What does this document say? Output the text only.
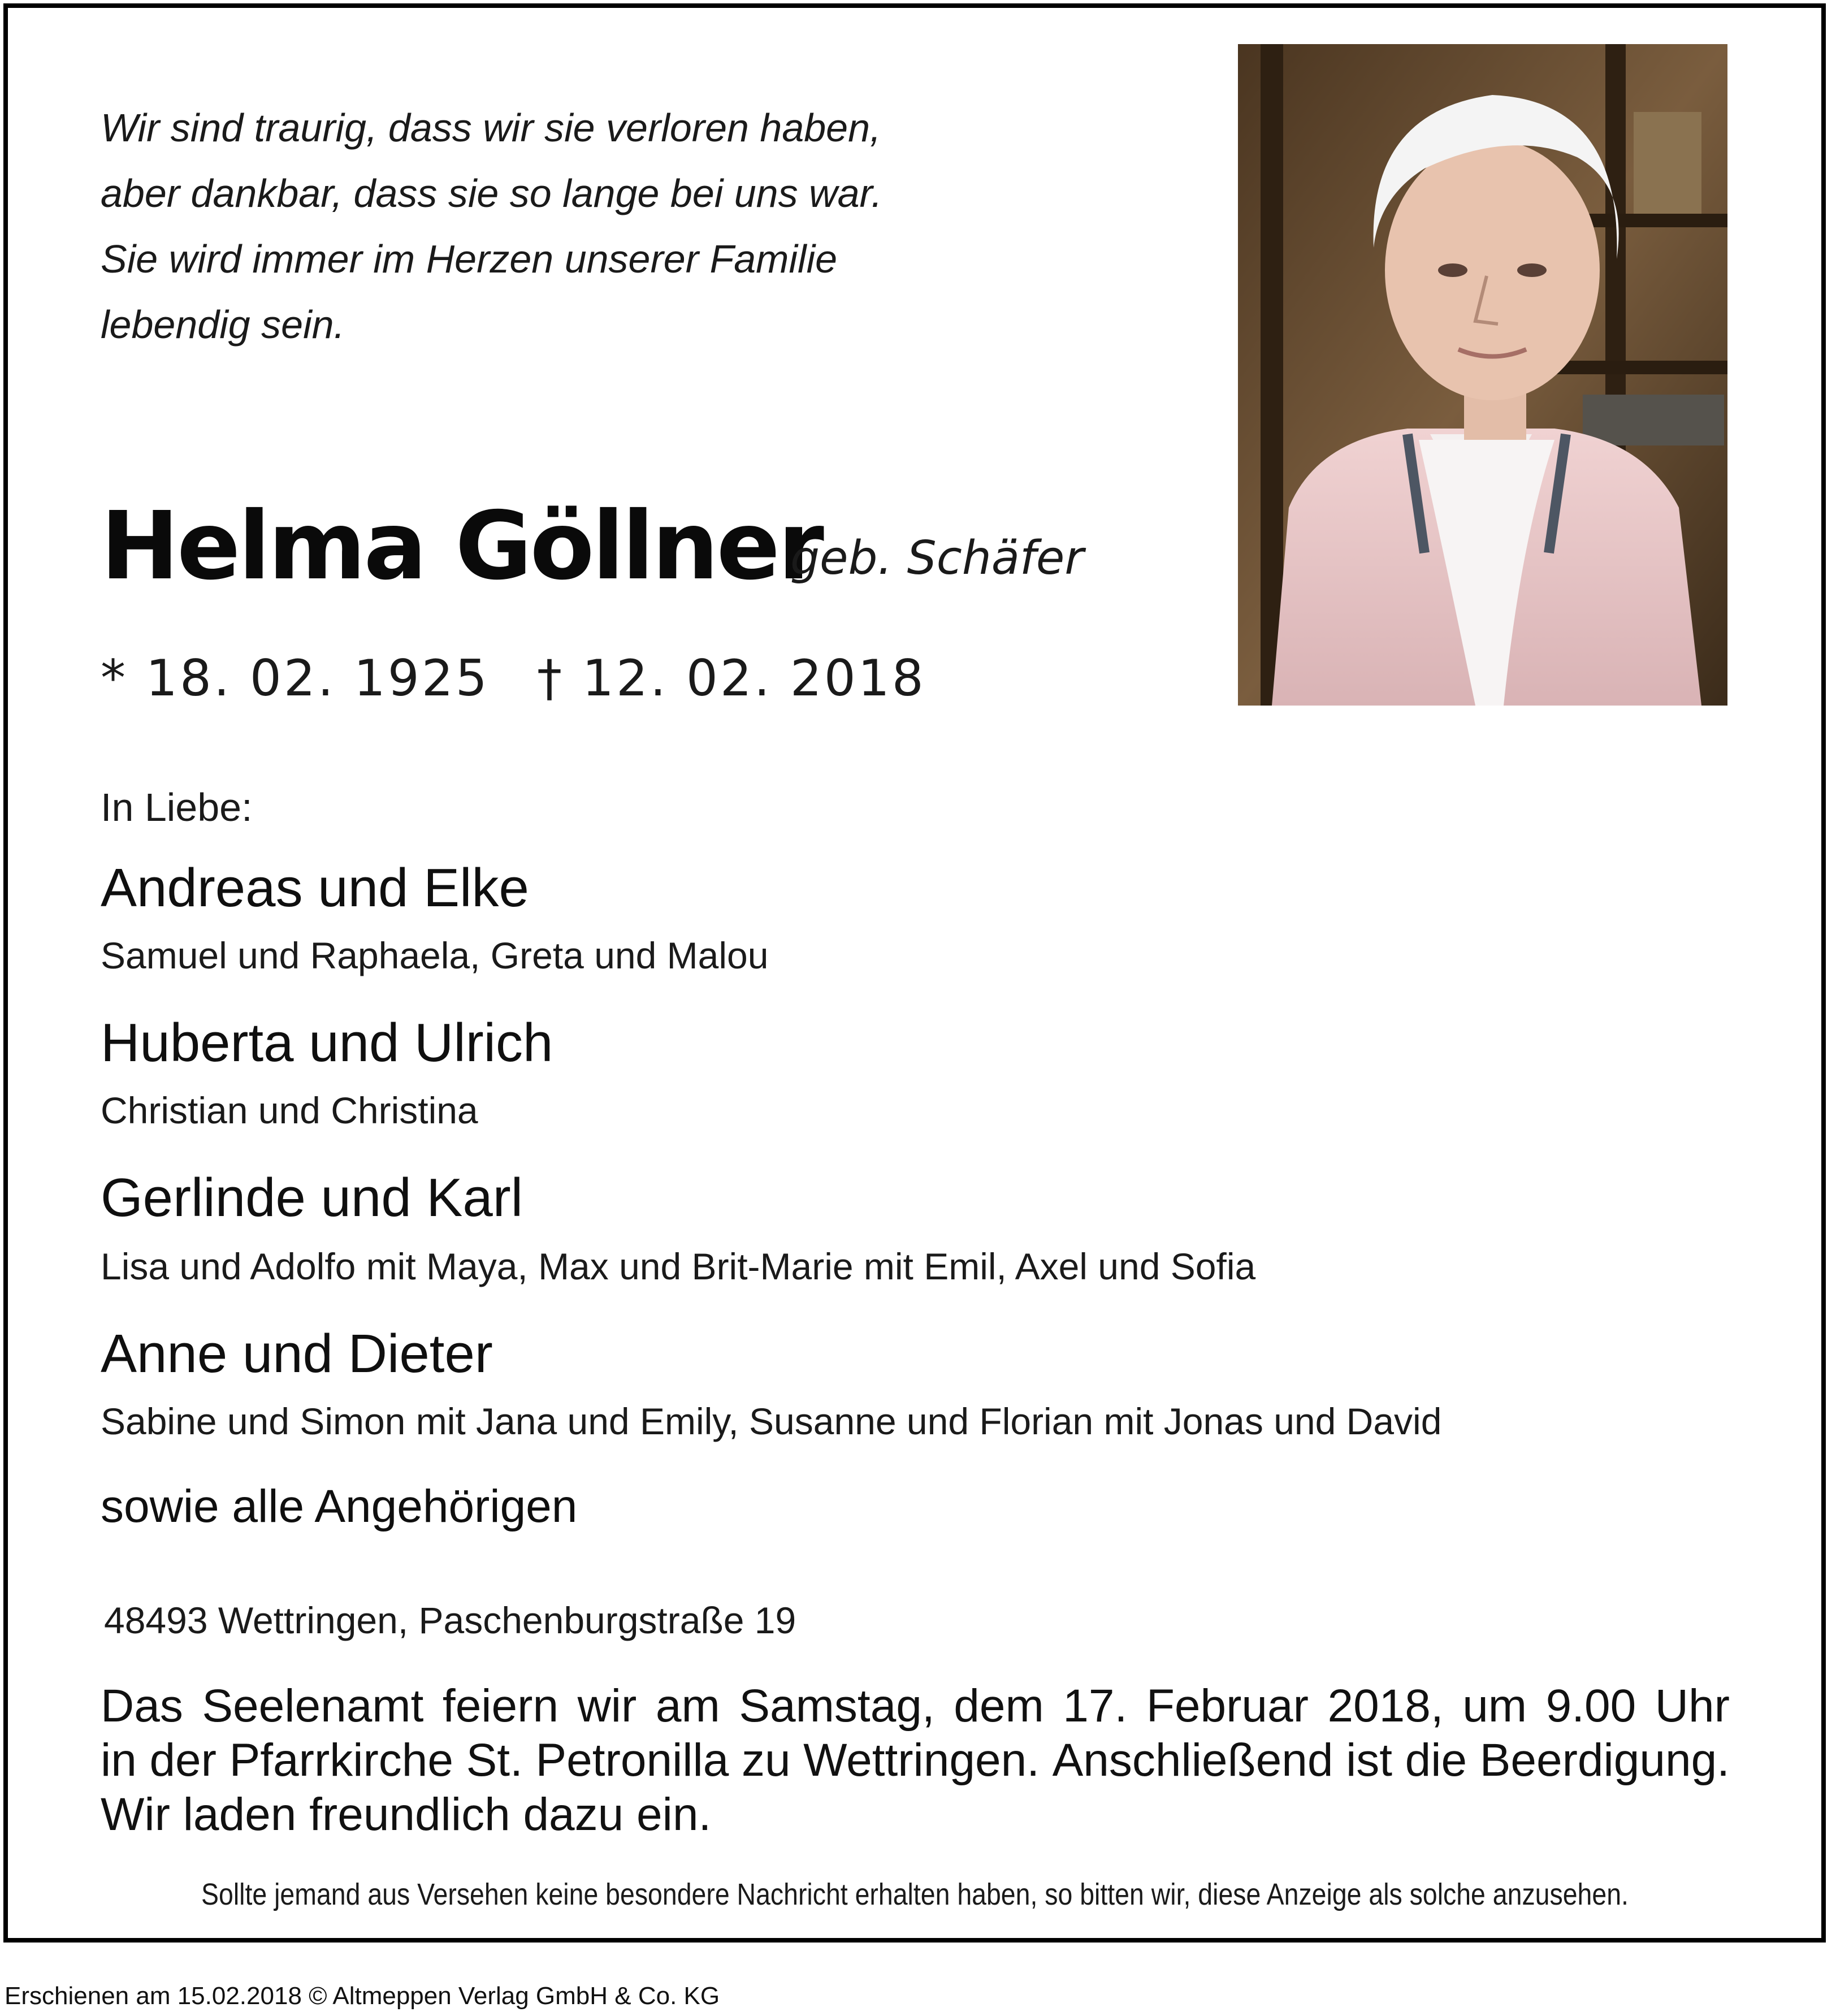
Wir sind traurig, dass wir sie verloren haben,
aber dankbar, dass sie so lange bei uns war.
Sie wird immer im Herzen unserer Familie
lebendig sein.
Helma Göllner
geb. Schäfer
* 18. 02. 1925 † 12. 02. 2018
In Liebe:
Andreas und Elke
Samuel und Raphaela, Greta und Malou
Huberta und Ulrich
Christian und Christina
Gerlinde und Karl
Lisa und Adolfo mit Maya, Max und Brit-Marie mit Emil, Axel und Sofia
Anne und Dieter
Sabine und Simon mit Jana und Emily, Susanne und Florian mit Jonas und David
sowie alle Angehörigen
48493 Wettringen, Paschenburgstraße 19
Das Seelenamt feiern wir am Samstag, dem 17. Februar 2018, um 9.00 Uhr
in der Pfarrkirche St. Petronilla zu Wettringen. Anschließend ist die Beerdigung.
Wir laden freundlich dazu ein.
Sollte jemand aus Versehen keine besondere Nachricht erhalten haben, so bitten wir, diese Anzeige als solche anzusehen.
Erschienen am 15.02.2018 © Altmeppen Verlag GmbH & Co. KG
